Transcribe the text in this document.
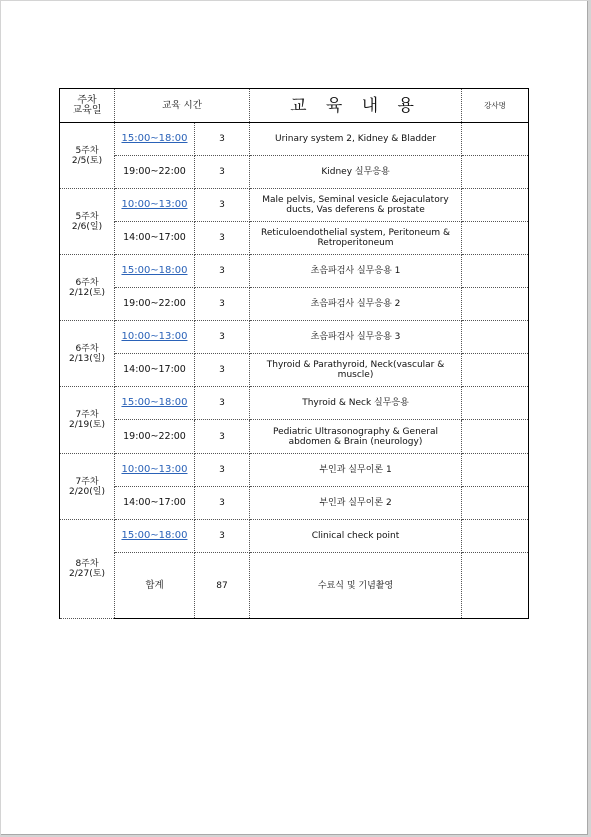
주차
교육일	교육 시간		교 육 내 용	강사명

5주차
2/5(토)	15:00~18:00	3	Urinary system 2, Kidney & Bladder	
	19:00~22:00	3	Kidney 실무응용	

5주차
2/6(일)	10:00~13:00	3	Male pelvis, Seminal vesicle &ejaculatory ducts, Vas deferens & prostate	
	14:00~17:00	3	Reticuloendothelial system, Peritoneum & Retroperitoneum	

6주차
2/12(토)	15:00~18:00	3	초음파검사 실무응용 1	
	19:00~22:00	3	초음파검사 실무응용 2	

6주차
2/13(일)	10:00~13:00	3	초음파검사 실무응용 3	
	14:00~17:00	3	Thyroid & Parathyroid, Neck(vascular & muscle)	

7주차
2/19(토)	15:00~18:00	3	Thyroid & Neck 실무응용	
	19:00~22:00	3	Pediatric Ultrasonography & General abdomen & Brain (neurology)	

7주차
2/20(일)	10:00~13:00	3	부인과 실무이론 1	
	14:00~17:00	3	부인과 실무이론 2	

8주차
2/27(토)	15:00~18:00	3	Clinical check point	
	합계	87	수료식 및 기념촬영	
